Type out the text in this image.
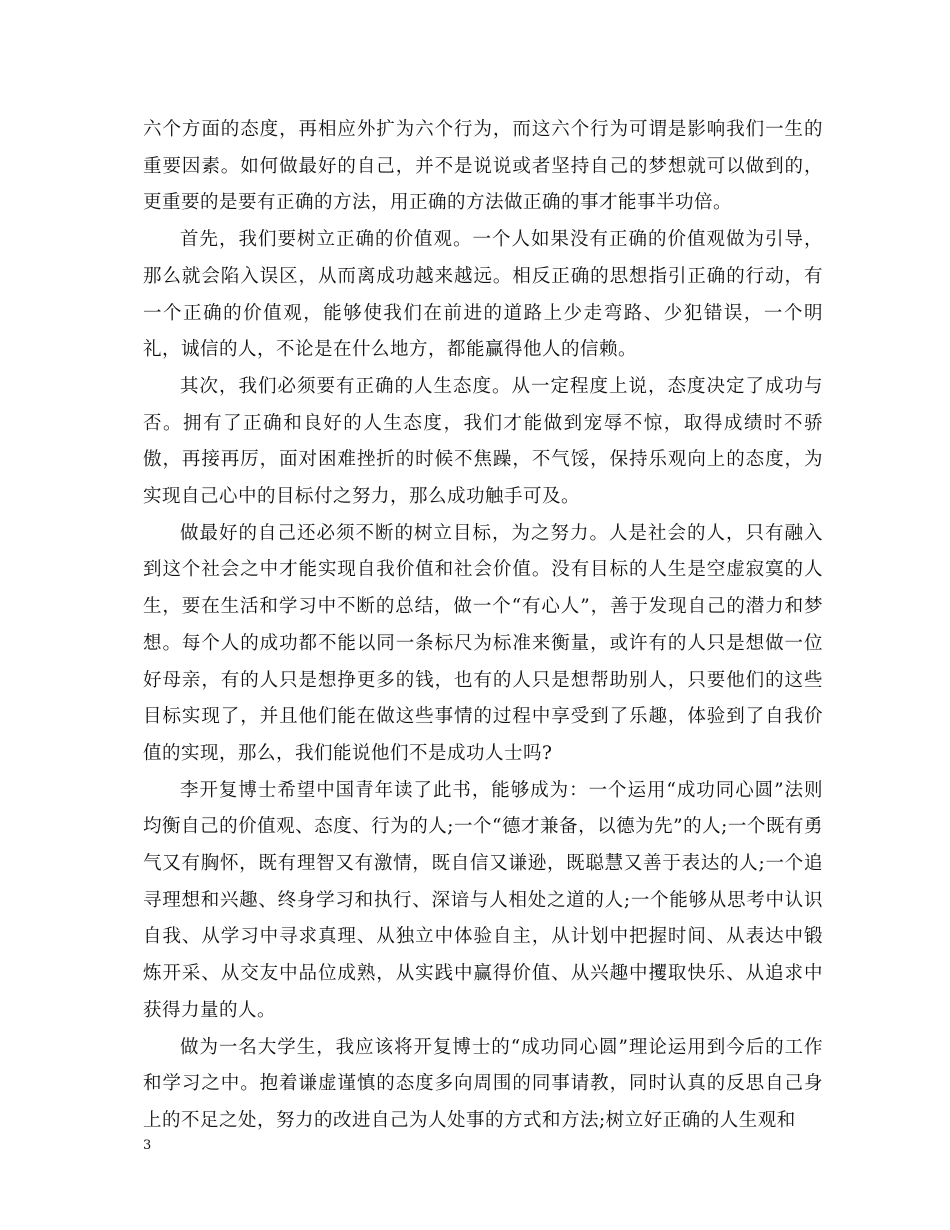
六个方面的态度，再相应外扩为六个行为，而这六个行为可谓是影响我们一生的重要因素。如何做最好的自己，并不是说说或者坚持自己的梦想就可以做到的，更重要的是要有正确的方法，用正确的方法做正确的事才能事半功倍。

首先，我们要树立正确的价值观。一个人如果没有正确的价值观做为引导，那么就会陷入误区，从而离成功越来越远。相反正确的思想指引正确的行动，有一个正确的价值观，能够使我们在前进的道路上少走弯路、少犯错误，一个明礼，诚信的人，不论是在什么地方，都能赢得他人的信赖。

其次，我们必须要有正确的人生态度。从一定程度上说，态度决定了成功与否。拥有了正确和良好的人生态度，我们才能做到宠辱不惊，取得成绩时不骄傲，再接再厉，面对困难挫折的时候不焦躁，不气馁，保持乐观向上的态度，为实现自己心中的目标付之努力，那么成功触手可及。

做最好的自己还必须不断的树立目标，为之努力。人是社会的人，只有融入到这个社会之中才能实现自我价值和社会价值。没有目标的人生是空虚寂寞的人生，要在生活和学习中不断的总结，做一个“有心人”，善于发现自己的潜力和梦想。每个人的成功都不能以同一条标尺为标准来衡量，或许有的人只是想做一位好母亲，有的人只是想挣更多的钱，也有的人只是想帮助别人，只要他们的这些目标实现了，并且他们能在做这些事情的过程中享受到了乐趣，体验到了自我价值的实现，那么，我们能说他们不是成功人士吗?

李开复博士希望中国青年读了此书，能够成为：一个运用“成功同心圆”法则均衡自己的价值观、态度、行为的人;一个“德才兼备，以德为先”的人;一个既有勇气又有胸怀，既有理智又有激情，既自信又谦逊，既聪慧又善于表达的人;一个追寻理想和兴趣、终身学习和执行、深谙与人相处之道的人;一个能够从思考中认识自我、从学习中寻求真理、从独立中体验自主，从计划中把握时间、从表达中锻炼开采、从交友中品位成熟，从实践中赢得价值、从兴趣中攫取快乐、从追求中获得力量的人。

做为一名大学生，我应该将开复博士的“成功同心圆”理论运用到今后的工作和学习之中。抱着谦虚谨慎的态度多向周围的同事请教，同时认真的反思自己身上的不足之处，努力的改进自己为人处事的方式和方法;树立好正确的人生观和

3
